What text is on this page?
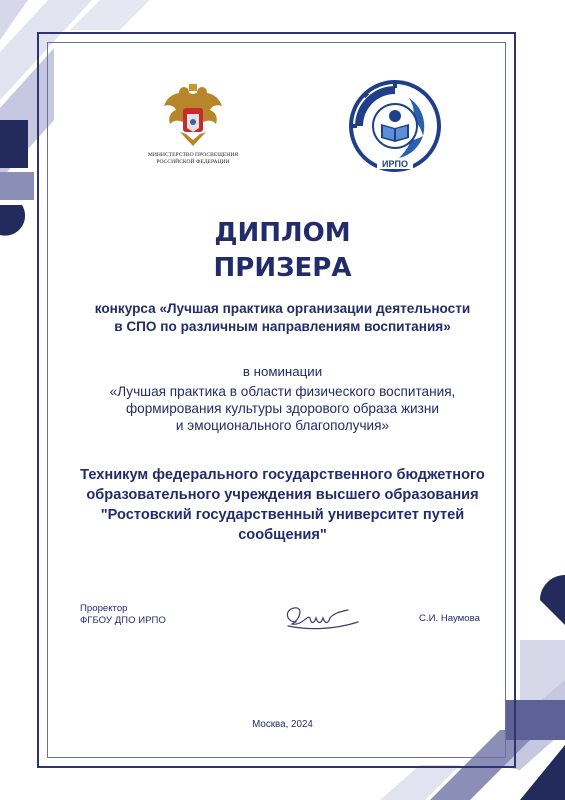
МИНИСТЕРСТВО ПРОСВЕЩЕНИЯ
РОССИЙСКОЙ ФЕДЕРАЦИИ	ИРПО
ДИПЛОМ
ПРИЗЕРА
конкурса «Лучшая практика организации деятельности
в СПО по различным направлениям воспитания»
в номинации
«Лучшая практика в области физического воспитания,
формирования культуры здорового образа жизни
и эмоционального благополучия»
Техникум федерального государственного бюджетного
образовательного учреждения высшего образования
"Ростовский государственный университет путей
сообщения"
Проректор
ФГБОУ ДПО ИРПО	С.И. Наумова
Москва, 2024
